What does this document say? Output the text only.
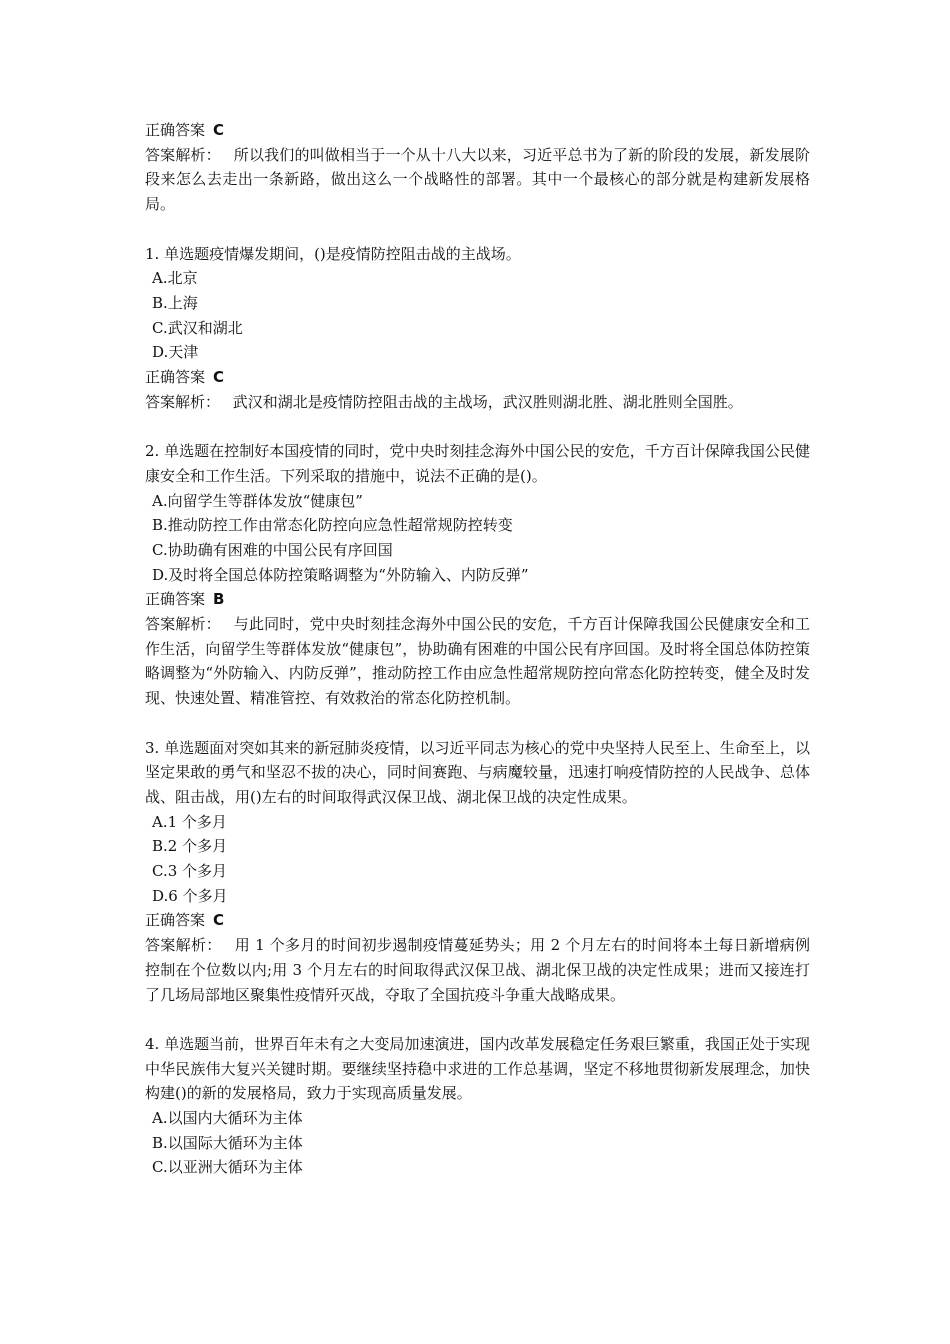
正确答案 C
答案解析： 所以我们的叫做相当于一个从十八大以来，习近平总书为了新的阶段的发展，新发展阶段来怎么去走出一条新路，做出这么一个战略性的部署。其中一个最核心的部分就是构建新发展格局。
1. 单选题疫情爆发期间，()是疫情防控阻击战的主战场。
A.北京
B.上海
C.武汉和湖北
D.天津
正确答案 C
答案解析： 武汉和湖北是疫情防控阻击战的主战场，武汉胜则湖北胜、湖北胜则全国胜。
2. 单选题在控制好本国疫情的同时，党中央时刻挂念海外中国公民的安危，千方百计保障我国公民健康安全和工作生活。下列采取的措施中，说法不正确的是()。
A.向留学生等群体发放“健康包”
B.推动防控工作由常态化防控向应急性超常规防控转变
C.协助确有困难的中国公民有序回国
D.及时将全国总体防控策略调整为“外防输入、内防反弹”
正确答案 B
答案解析： 与此同时，党中央时刻挂念海外中国公民的安危，千方百计保障我国公民健康安全和工作生活，向留学生等群体发放“健康包”，协助确有困难的中国公民有序回国。及时将全国总体防控策略调整为“外防输入、内防反弹”，推动防控工作由应急性超常规防控向常态化防控转变，健全及时发现、快速处置、精准管控、有效救治的常态化防控机制。
3. 单选题面对突如其来的新冠肺炎疫情，以习近平同志为核心的党中央坚持人民至上、生命至上，以坚定果敢的勇气和坚忍不拔的决心，同时间赛跑、与病魔较量，迅速打响疫情防控的人民战争、总体战、阻击战，用()左右的时间取得武汉保卫战、湖北保卫战的决定性成果。
A.1 个多月
B.2 个多月
C.3 个多月
D.6 个多月
正确答案 C
答案解析： 用 1 个多月的时间初步遏制疫情蔓延势头；用 2 个月左右的时间将本土每日新增病例控制在个位数以内;用 3 个月左右的时间取得武汉保卫战、湖北保卫战的决定性成果；进而又接连打了几场局部地区聚集性疫情歼灭战，夺取了全国抗疫斗争重大战略成果。
4. 单选题当前，世界百年未有之大变局加速演进，国内改革发展稳定任务艰巨繁重，我国正处于实现中华民族伟大复兴关键时期。要继续坚持稳中求进的工作总基调，坚定不移地贯彻新发展理念，加快构建()的新的发展格局，致力于实现高质量发展。
A.以国内大循环为主体
B.以国际大循环为主体
C.以亚洲大循环为主体
